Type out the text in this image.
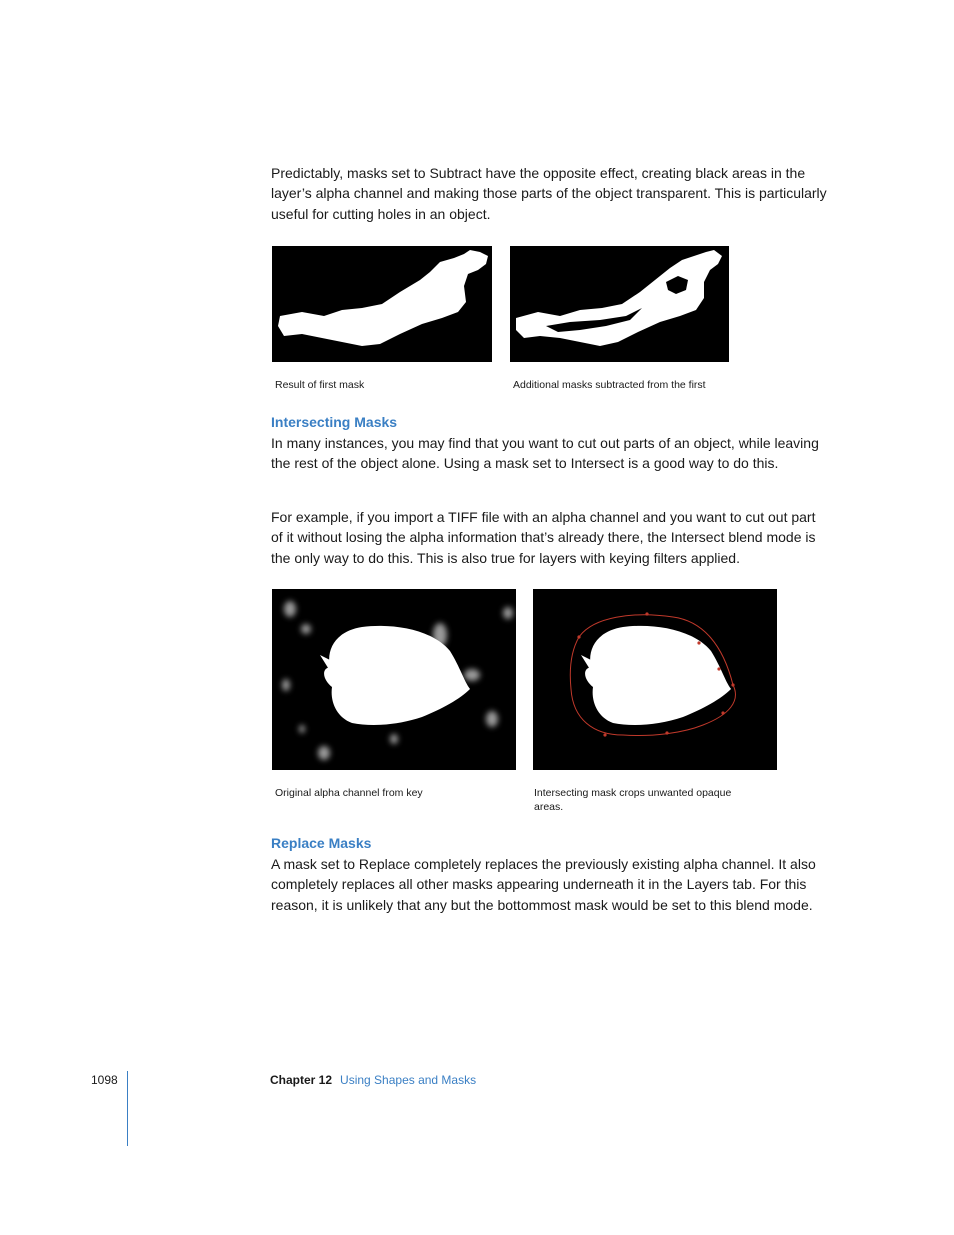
Predictably, masks set to Subtract have the opposite effect, creating black areas in the layer’s alpha channel and making those parts of the object transparent. This is particularly useful for cutting holes in an object.

Result of first mask	Additional masks subtracted from the first

Intersecting Masks

In many instances, you may find that you want to cut out parts of an object, while leaving the rest of the object alone. Using a mask set to Intersect is a good way to do this.

For example, if you import a TIFF file with an alpha channel and you want to cut out part of it without losing the alpha information that’s already there, the Intersect blend mode is the only way to do this. This is also true for layers with keying filters applied.

Original alpha channel from key	Intersecting mask crops unwanted opaque areas.

Replace Masks

A mask set to Replace completely replaces the previously existing alpha channel. It also completely replaces all other masks appearing underneath it in the Layers tab. For this reason, it is unlikely that any but the bottommost mask would be set to this blend mode.

1098	Chapter 12 Using Shapes and Masks
